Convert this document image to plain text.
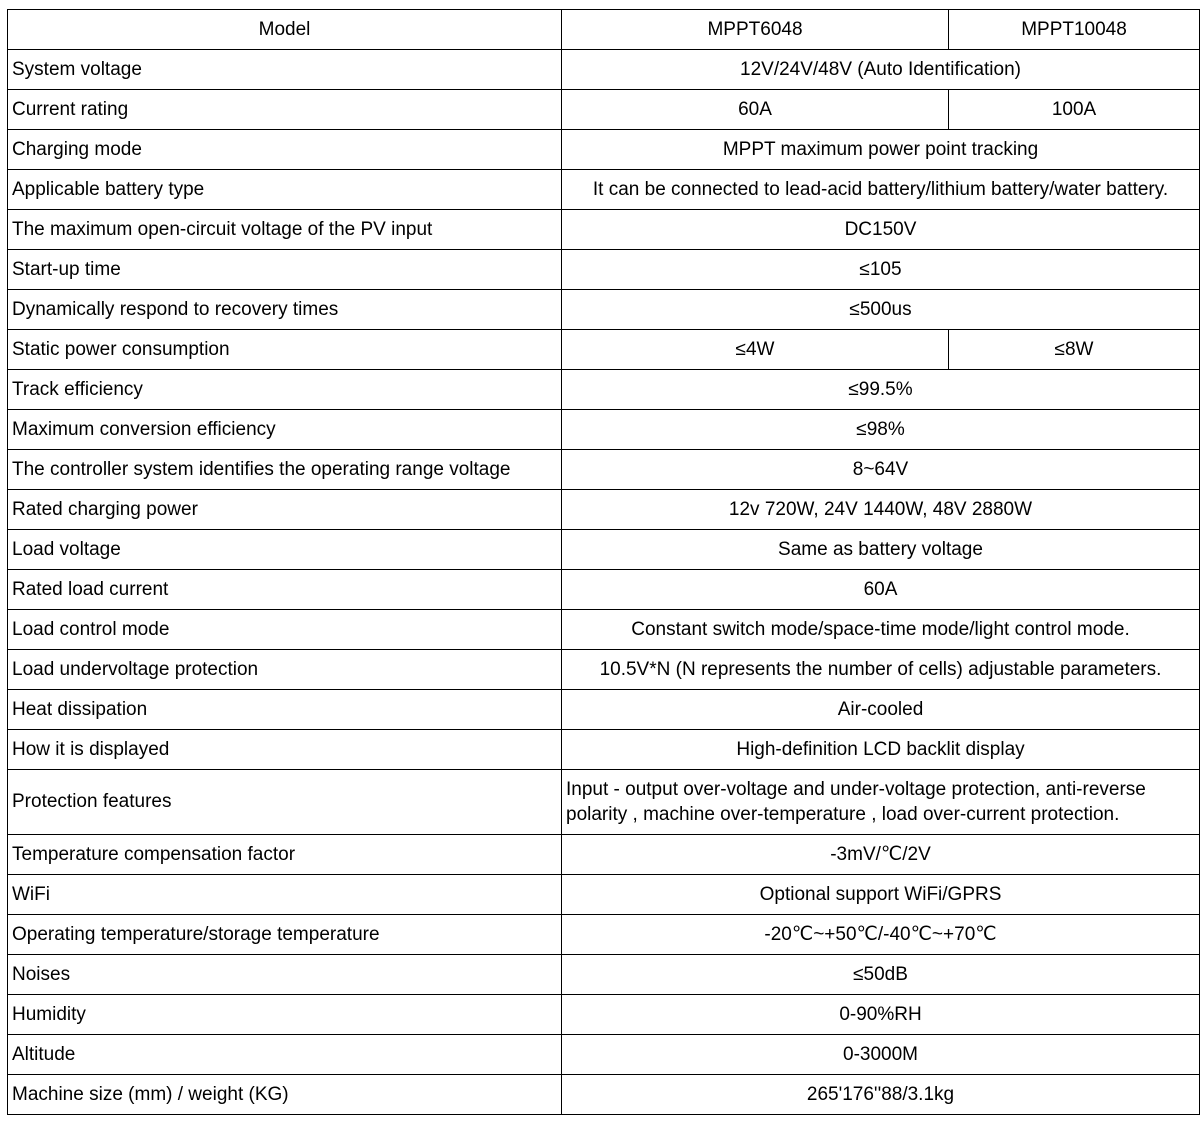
Model	MPPT6048	MPPT10048
System voltage	12V/24V/48V (Auto Identification)	
Current rating	60A	100A
Charging mode	MPPT maximum power point tracking	
Applicable battery type	It can be connected to lead-acid battery/lithium battery/water battery.	
The maximum open-circuit voltage of the PV input	DC150V	
Start-up time	≤105	
Dynamically respond to recovery times	≤500us	
Static power consumption	≤4W	≤8W
Track efficiency	≤99.5%	
Maximum conversion efficiency	≤98%	
The controller system identifies the operating range voltage	8~64V	
Rated charging power	12v 720W, 24V 1440W, 48V 2880W	
Load voltage	Same as battery voltage	
Rated load current	60A	
Load control mode	Constant switch mode/space-time mode/light control mode.	
Load undervoltage protection	10.5V*N (N represents the number of cells) adjustable parameters.	
Heat dissipation	Air-cooled	
How it is displayed	High-definition LCD backlit display	
Protection features	Input - output over-voltage and under-voltage protection, anti-reverse polarity , machine over-temperature , load over-current protection.	
Temperature compensation factor	-3mV/℃/2V	
WiFi	Optional support WiFi/GPRS	
Operating temperature/storage temperature	-20℃~+50℃/-40℃~+70℃	
Noises	≤50dB	
Humidity	0-90%RH	
Altitude	0-3000M	
Machine size (mm) / weight (KG)	265'176''88/3.1kg	
